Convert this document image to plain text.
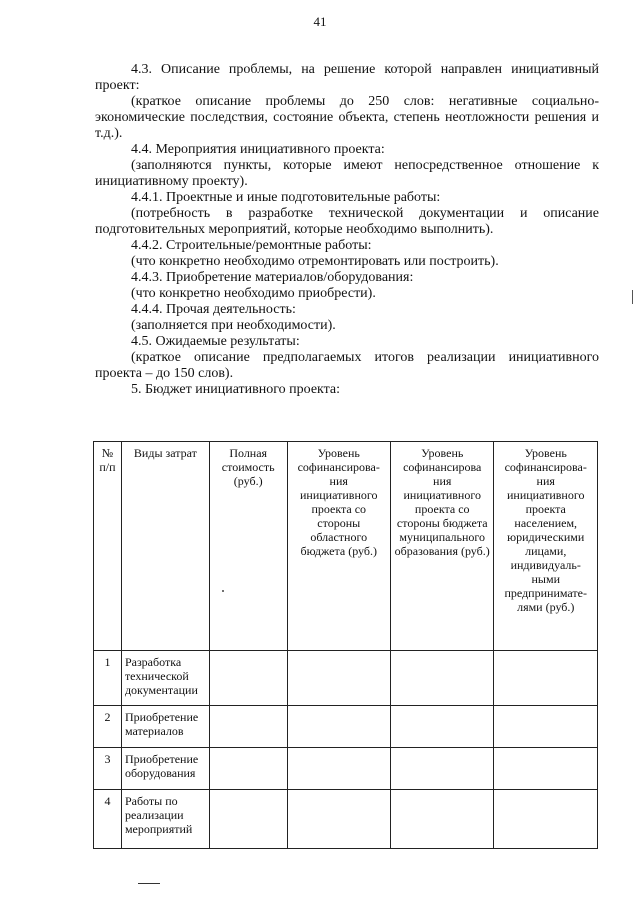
41

4.3. Описание проблемы, на решение которой направлен инициативный проект:

(краткое описание проблемы до 250 слов: негативные социально-экономические последствия, состояние объекта, степень неотложности решения и т.д.).

4.4. Мероприятия инициативного проекта:

(заполняются пункты, которые имеют непосредственное отношение к инициативному проекту).

4.4.1. Проектные и иные подготовительные работы:

(потребность в разработке технической документации и описание подготовительных мероприятий, которые необходимо выполнить).

4.4.2. Строительные/ремонтные работы:

(что конкретно необходимо отремонтировать или построить).

4.4.3. Приобретение материалов/оборудования:

(что конкретно необходимо приобрести).

4.4.4. Прочая деятельность:

(заполняется при необходимости).

4.5. Ожидаемые результаты:

(краткое описание предполагаемых итогов реализации инициативного проекта – до 150 слов).

5. Бюджет инициативного проекта:

№ п/п	Виды затрат	Полная стоимость (руб.)	Уровень софинансирова-ния инициативного проекта со стороны областного бюджета (руб.)	Уровень софинансирова ния инициативного проекта со стороны бюджета муниципального образования (руб.)	Уровень софинансирова-ния инициативного проекта населением, юридическими лицами, индивидуаль-ными предпринимате-лями (руб.)
1	Разработка технической документации				
2	Приобретение материалов				
3	Приобретение оборудования				
4	Работы по реализации мероприятий				
